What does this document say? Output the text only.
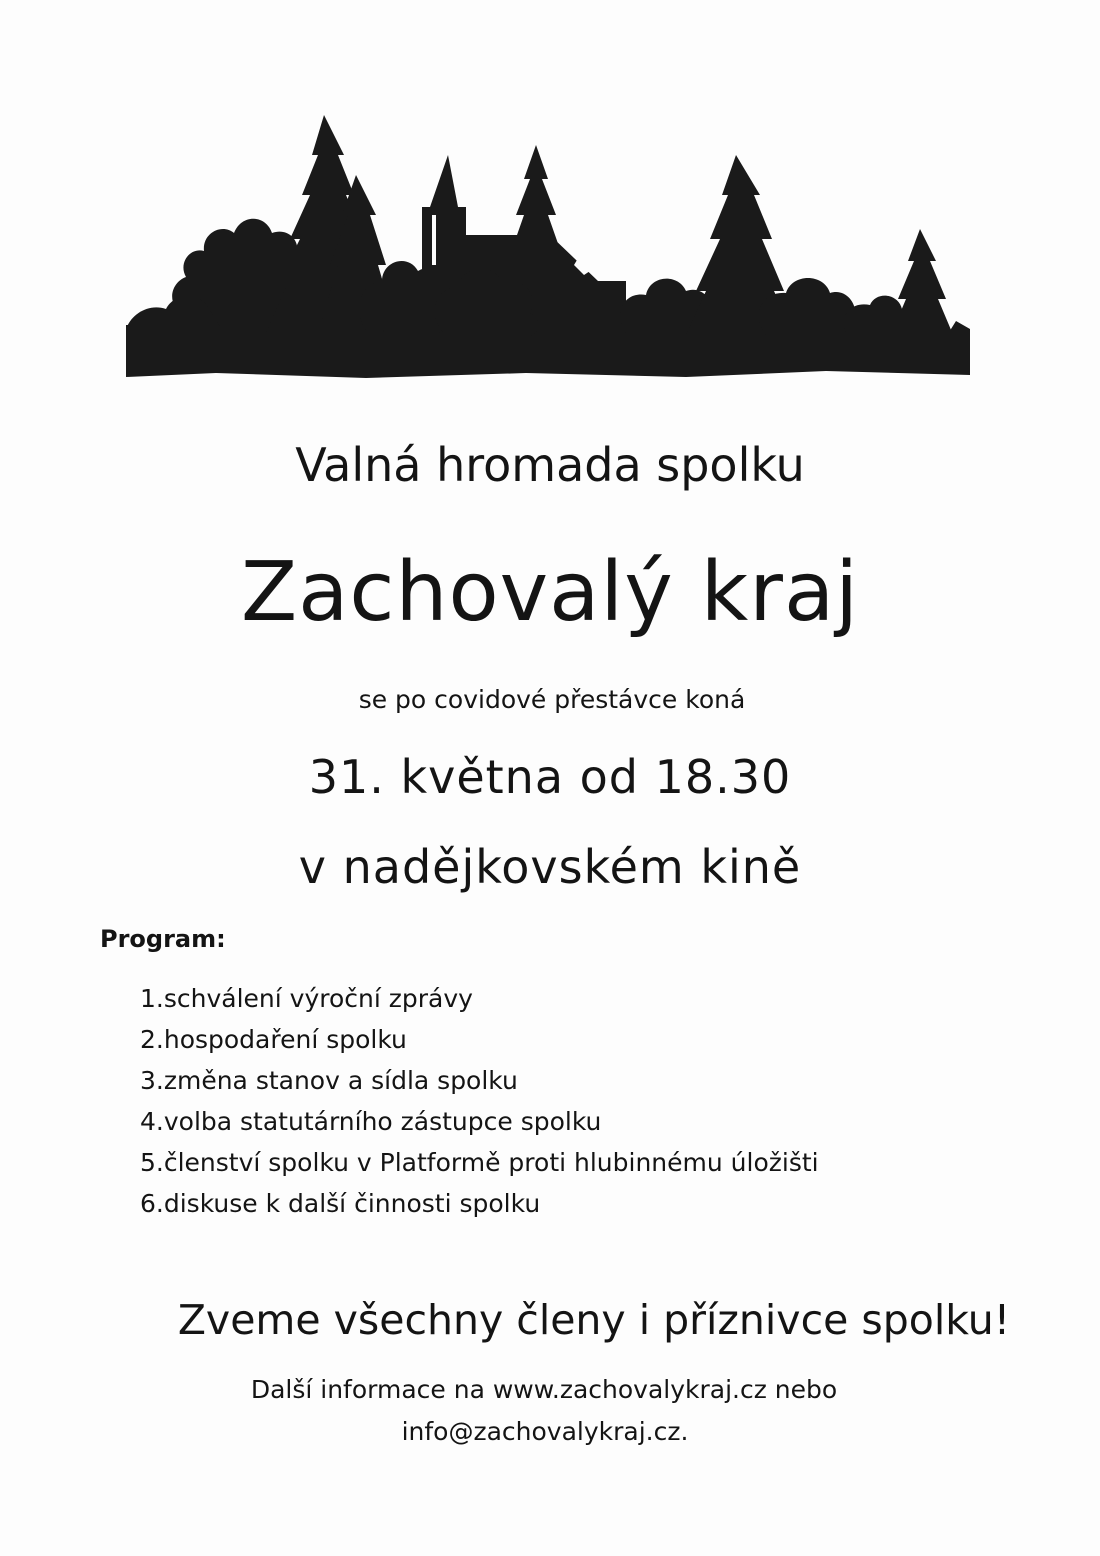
Valná hromada spolku
Zachovalý kraj
se po covidové přestávce koná
31. května od 18.30
v nadějkovském kině
Program:
1.schválení výroční zprávy
2.hospodaření spolku
3.změna stanov a sídla spolku
4.volba statutárního zástupce spolku
5.členství spolku v Platformě proti hlubinnému úložišti
6.diskuse k další činnosti spolku
Zveme všechny členy i příznivce spolku!
Další informace na www.zachovalykraj.cz nebo
info@zachovalykraj.cz.
